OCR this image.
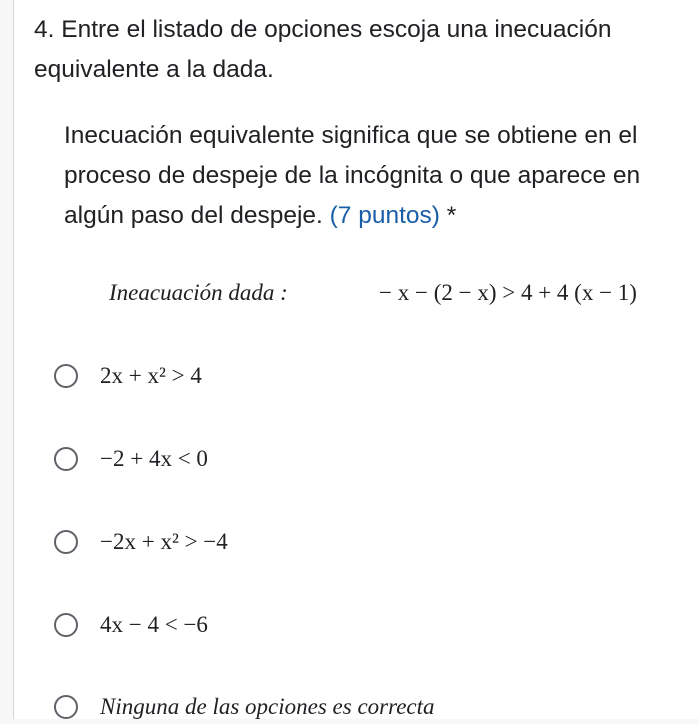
4. Entre el listado de opciones escoja una inecuación equivalente a la dada.

Inecuación equivalente significa que se obtiene en el proceso de despeje de la incógnita o que aparece en algún paso del despeje. (7 puntos) *

Ineacuación dada :	− x − (2 − x) > 4 + 4 (x − 1)
2x + x² > 4
−2 + 4x < 0
−2x + x² > −4
4x − 4 < −6
Ninguna de las opciones es correcta
